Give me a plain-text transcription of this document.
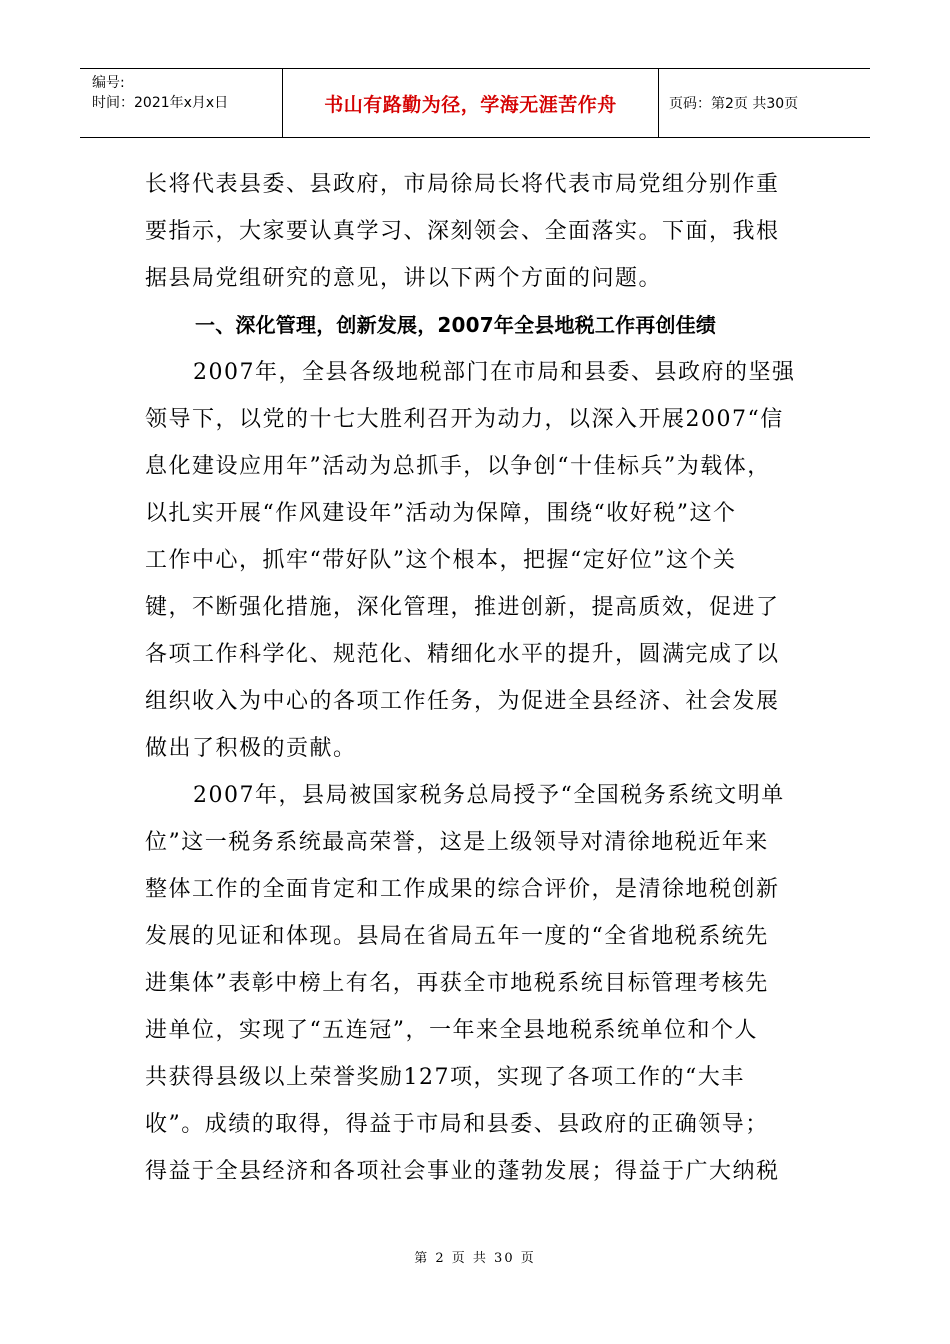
编号:
时间：2021年x月x日	书山有路勤为径，学海无涯苦作舟	页码：第2页 共30页
长将代表县委、县政府，市局徐局长将代表市局党组分别作重
要指示，大家要认真学习、深刻领会、全面落实。下面，我根
据县局党组研究的意见，讲以下两个方面的问题。
一、深化管理，创新发展，2007年全县地税工作再创佳绩
2007年，全县各级地税部门在市局和县委、县政府的坚强
领导下，以党的十七大胜利召开为动力，以深入开展2007“信
息化建设应用年”活动为总抓手，以争创“十佳标兵”为载体，
以扎实开展“作风建设年”活动为保障，围绕“收好税”这个
工作中心，抓牢“带好队”这个根本，把握“定好位”这个关
键，不断强化措施，深化管理，推进创新，提高质效，促进了
各项工作科学化、规范化、精细化水平的提升，圆满完成了以
组织收入为中心的各项工作任务，为促进全县经济、社会发展
做出了积极的贡献。
2007年，县局被国家税务总局授予“全国税务系统文明单
位”这一税务系统最高荣誉，这是上级领导对清徐地税近年来
整体工作的全面肯定和工作成果的综合评价，是清徐地税创新
发展的见证和体现。县局在省局五年一度的“全省地税系统先
进集体”表彰中榜上有名，再获全市地税系统目标管理考核先
进单位，实现了“五连冠”，一年来全县地税系统单位和个人
共获得县级以上荣誉奖励127项，实现了各项工作的“大丰
收”。成绩的取得，得益于市局和县委、县政府的正确领导；
得益于全县经济和各项社会事业的蓬勃发展；得益于广大纳税
第 2 页 共 30 页
